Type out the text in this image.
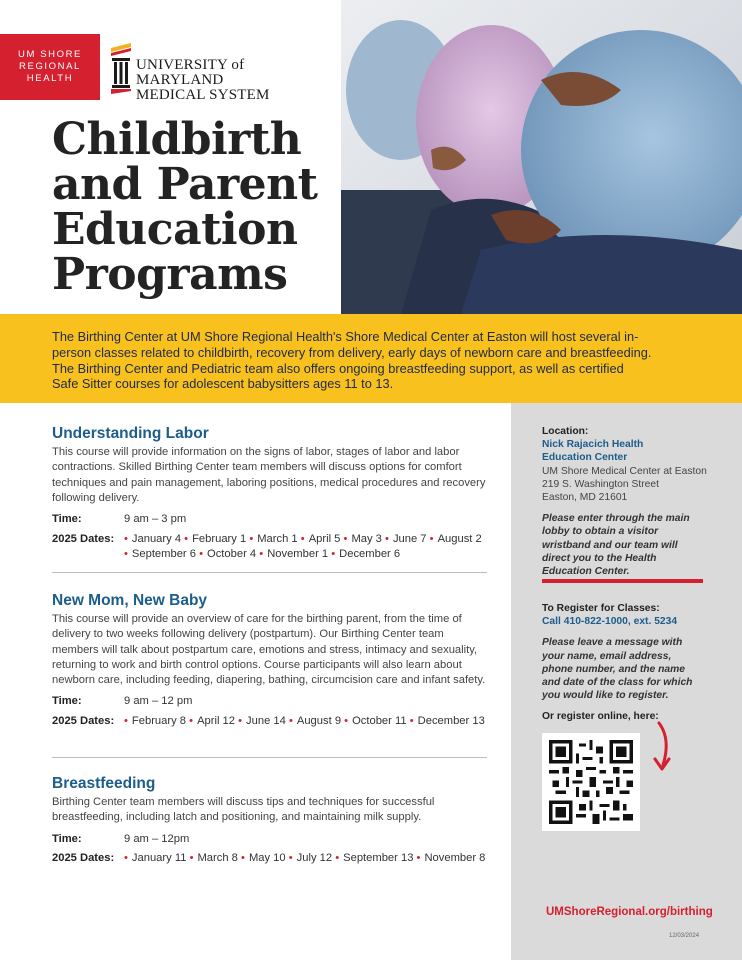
UM SHORE
REGIONAL
HEALTH
UNIVERSITY of MARYLAND
MEDICAL SYSTEM
Childbirth
and Parent
Education
Programs

The Birthing Center at UM Shore Regional Health's Shore Medical Center at Easton will host several in-person classes related to childbirth, recovery from delivery, early days of newborn care and breastfeeding. The Birthing Center and Pediatric team also offers ongoing breastfeeding support, as well as certified Safe Sitter courses for adolescent babysitters ages 11 to 13.

Understanding Labor

This course will provide information on the signs of labor, stages of labor and labor contractions. Skilled Birthing Center team members will discuss options for comfort techniques and pain management, laboring positions, medical procedures and recovery following delivery.

Time:	9 am – 3 pm
2025 Dates: • January 4 • February 1 • March 1 • April 5 • May 3 • June 7 • August 2 • September 6 • October 4 • November 1 • December 6
New Mom, New Baby

This course will provide an overview of care for the birthing parent, from the time of delivery to two weeks following delivery (postpartum). Our Birthing Center team members will talk about postpartum care, emotions and stress, intimacy and sexuality, returning to work and birth control options. Course participants will also learn about newborn care, including feeding, diapering, bathing, circumcision care and infant safety.

Time:	9 am – 12 pm
2025 Dates: • February 8 • April 12 • June 14 • August 9 • October 11 • December 13
Breastfeeding

Birthing Center team members will discuss tips and techniques for successful breastfeeding, including latch and positioning, and maintaining milk supply.

Time:	9 am – 12pm
2025 Dates: • January 11 • March 8 • May 10 • July 12 • September 13 • November 8
Location:
Nick Rajacich Health
Education Center
UM Shore Medical Center at Easton
219 S. Washington Street
Easton, MD 21601
Please enter through the main lobby to obtain a visitor wristband and our team will direct you to the Health Education Center.
To Register for Classes:
Call 410-822-1000, ext. 5234
Please leave a message with your name, email address, phone number, and the name and date of the class for which you would like to register.
Or register online, here:
UMShoreRegional.org/birthing
12/03/2024
